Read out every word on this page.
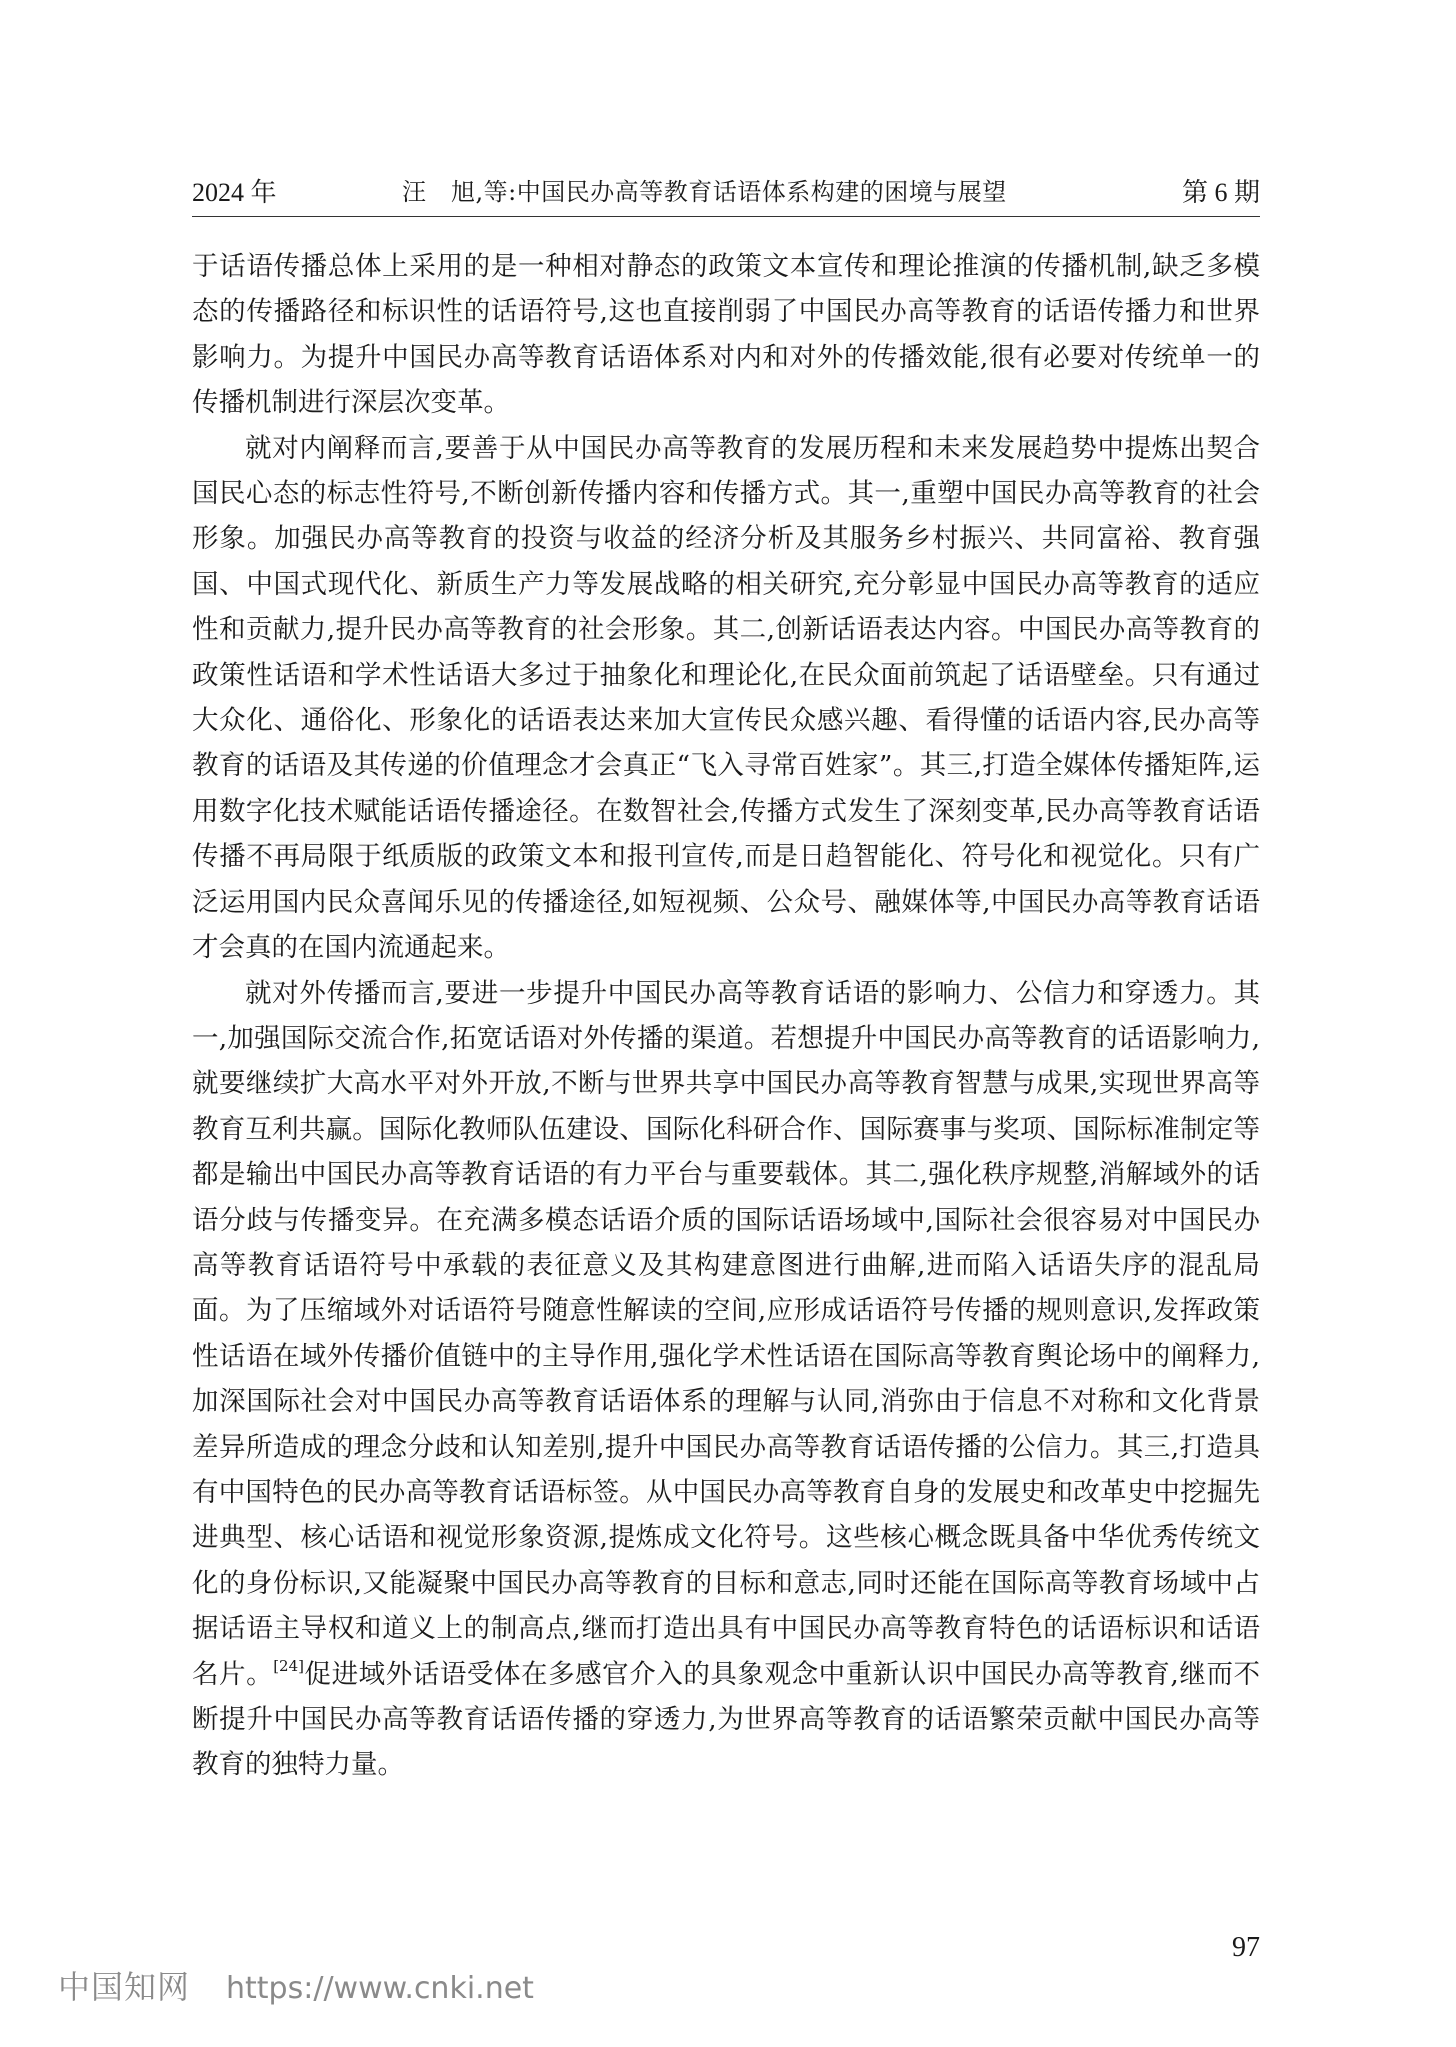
2024 年	汪　旭,等:中国民办高等教育话语体系构建的困境与展望	第 6 期

于话语传播总体上采用的是一种相对静态的政策文本宣传和理论推演的传播机制,缺乏多模态的传播路径和标识性的话语符号,这也直接削弱了中国民办高等教育的话语传播力和世界影响力。为提升中国民办高等教育话语体系对内和对外的传播效能,很有必要对传统单一的传播机制进行深层次变革。

就对内阐释而言,要善于从中国民办高等教育的发展历程和未来发展趋势中提炼出契合国民心态的标志性符号,不断创新传播内容和传播方式。其一,重塑中国民办高等教育的社会形象。加强民办高等教育的投资与收益的经济分析及其服务乡村振兴、共同富裕、教育强国、中国式现代化、新质生产力等发展战略的相关研究,充分彰显中国民办高等教育的适应性和贡献力,提升民办高等教育的社会形象。其二,创新话语表达内容。中国民办高等教育的政策性话语和学术性话语大多过于抽象化和理论化,在民众面前筑起了话语壁垒。只有通过大众化、通俗化、形象化的话语表达来加大宣传民众感兴趣、看得懂的话语内容,民办高等教育的话语及其传递的价值理念才会真正“飞入寻常百姓家”。其三,打造全媒体传播矩阵,运用数字化技术赋能话语传播途径。在数智社会,传播方式发生了深刻变革,民办高等教育话语传播不再局限于纸质版的政策文本和报刊宣传,而是日趋智能化、符号化和视觉化。只有广泛运用国内民众喜闻乐见的传播途径,如短视频、公众号、融媒体等,中国民办高等教育话语才会真的在国内流通起来。

就对外传播而言,要进一步提升中国民办高等教育话语的影响力、公信力和穿透力。其一,加强国际交流合作,拓宽话语对外传播的渠道。若想提升中国民办高等教育的话语影响力,就要继续扩大高水平对外开放,不断与世界共享中国民办高等教育智慧与成果,实现世界高等教育互利共赢。国际化教师队伍建设、国际化科研合作、国际赛事与奖项、国际标准制定等都是输出中国民办高等教育话语的有力平台与重要载体。其二,强化秩序规整,消解域外的话语分歧与传播变异。在充满多模态话语介质的国际话语场域中,国际社会很容易对中国民办高等教育话语符号中承载的表征意义及其构建意图进行曲解,进而陷入话语失序的混乱局面。为了压缩域外对话语符号随意性解读的空间,应形成话语符号传播的规则意识,发挥政策性话语在域外传播价值链中的主导作用,强化学术性话语在国际高等教育舆论场中的阐释力,加深国际社会对中国民办高等教育话语体系的理解与认同,消弥由于信息不对称和文化背景差异所造成的理念分歧和认知差别,提升中国民办高等教育话语传播的公信力。其三,打造具有中国特色的民办高等教育话语标签。从中国民办高等教育自身的发展史和改革史中挖掘先进典型、核心话语和视觉形象资源,提炼成文化符号。这些核心概念既具备中华优秀传统文化的身份标识,又能凝聚中国民办高等教育的目标和意志,同时还能在国际高等教育场域中占据话语主导权和道义上的制高点,继而打造出具有中国民办高等教育特色的话语标识和话语名片。[24]促进域外话语受体在多感官介入的具象观念中重新认识中国民办高等教育,继而不断提升中国民办高等教育话语传播的穿透力,为世界高等教育的话语繁荣贡献中国民办高等教育的独特力量。

97
中国知网 https://www.cnki.net
